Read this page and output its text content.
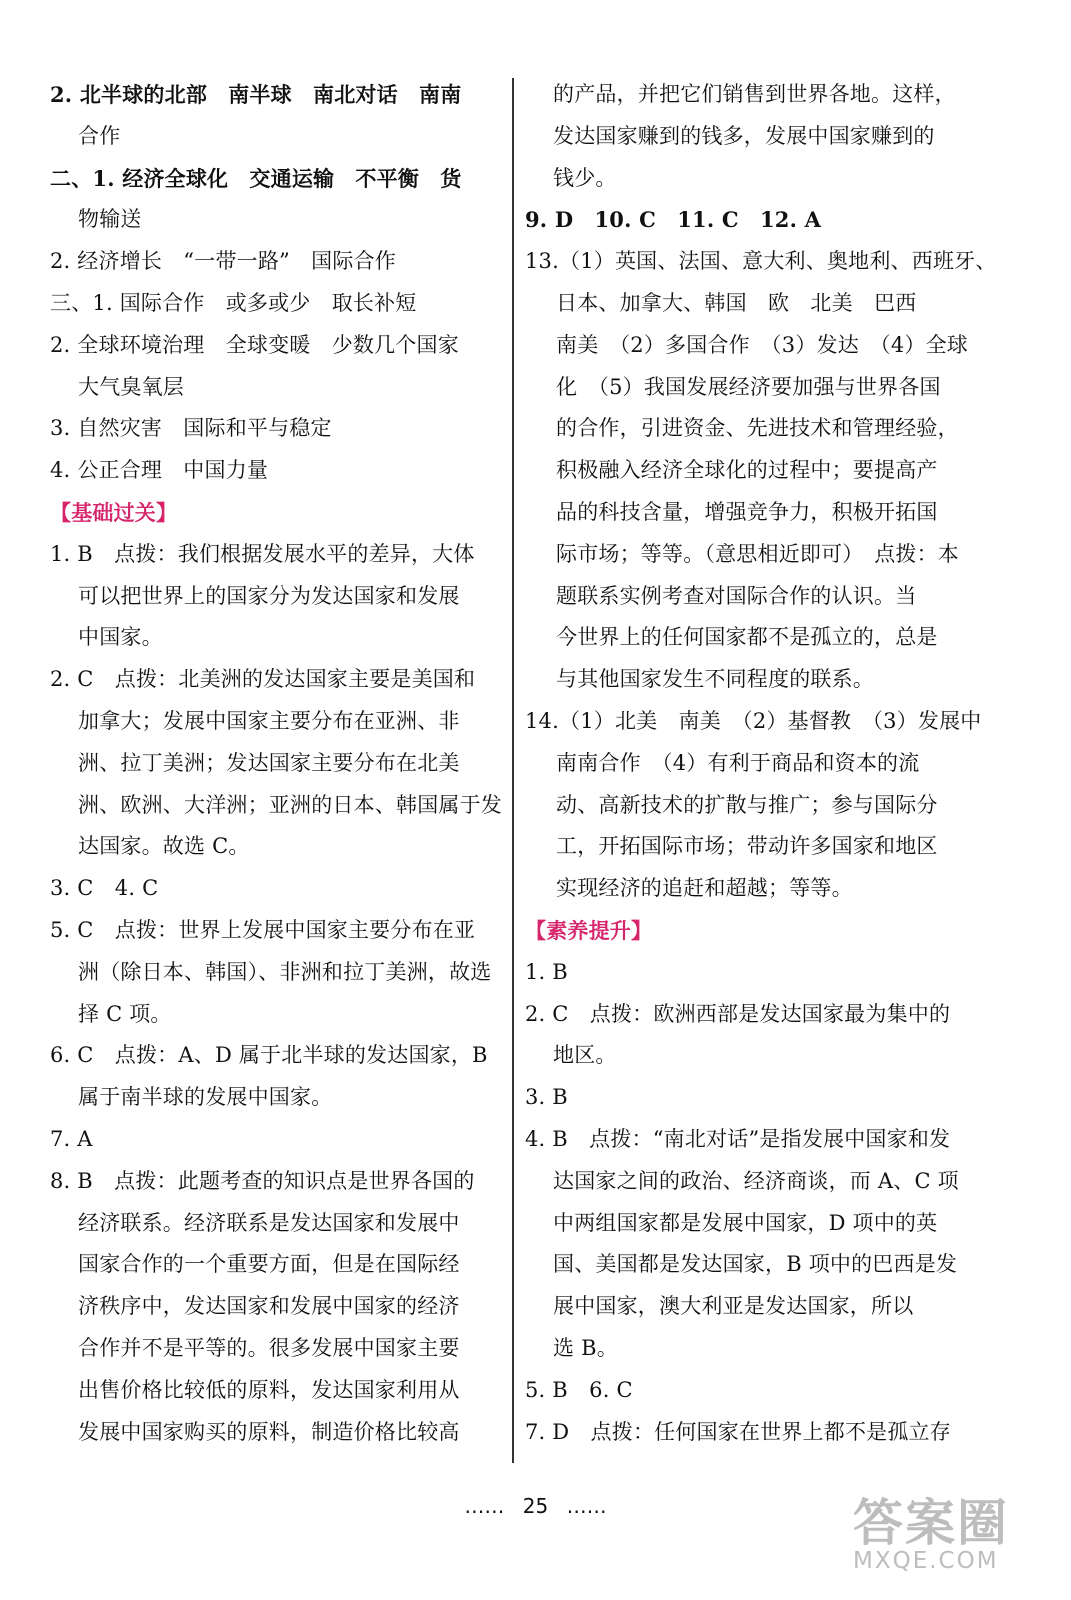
2. 北半球的北部　南半球　南北对话　南南
合作
二、1. 经济全球化　交通运输　不平衡　货
物输送
2. 经济增长　“一带一路”　国际合作
三、1. 国际合作　或多或少　取长补短
2. 全球环境治理　全球变暖　少数几个国家
大气臭氧层
3. 自然灾害　国际和平与稳定
4. 公正合理　中国力量
【基础过关】
1. B　点拨：我们根据发展水平的差异，大体
可以把世界上的国家分为发达国家和发展
中国家。
2. C　点拨：北美洲的发达国家主要是美国和
加拿大；发展中国家主要分布在亚洲、非
洲、拉丁美洲；发达国家主要分布在北美
洲、欧洲、大洋洲；亚洲的日本、韩国属于发
达国家。故选 C。
3. C　4. C
5. C　点拨：世界上发展中国家主要分布在亚
洲（除日本、韩国）、非洲和拉丁美洲，故选
择 C 项。
6. C　点拨：A、D 属于北半球的发达国家，B
属于南半球的发展中国家。
7. A
8. B　点拨：此题考查的知识点是世界各国的
经济联系。经济联系是发达国家和发展中
国家合作的一个重要方面，但是在国际经
济秩序中，发达国家和发展中国家的经济
合作并不是平等的。很多发展中国家主要
出售价格比较低的原料，发达国家利用从
发展中国家购买的原料，制造价格比较高
的产品，并把它们销售到世界各地。这样，
发达国家赚到的钱多，发展中国家赚到的
钱少。
9. D　10. C　11. C　12. A
13.（1）英国、法国、意大利、奥地利、西班牙、
日本、加拿大、韩国　欧　北美　巴西
南美　（2）多国合作　（3）发达　（4）全球
化　（5）我国发展经济要加强与世界各国
的合作，引进资金、先进技术和管理经验，
积极融入经济全球化的过程中；要提高产
品的科技含量，增强竞争力，积极开拓国
际市场；等等。（意思相近即可）　点拨：本
题联系实例考查对国际合作的认识。当
今世界上的任何国家都不是孤立的，总是
与其他国家发生不同程度的联系。
14.（1）北美　南美　（2）基督教　（3）发展中
南南合作　（4）有利于商品和资本的流
动、高新技术的扩散与推广；参与国际分
工，开拓国际市场；带动许多国家和地区
实现经济的追赶和超越；等等。
【素养提升】
1. B
2. C　点拨：欧洲西部是发达国家最为集中的
地区。
3. B
4. B　点拨：“南北对话”是指发展中国家和发
达国家之间的政治、经济商谈，而 A、C 项
中两组国家都是发展中国家，D 项中的英
国、美国都是发达国家，B 项中的巴西是发
展中国家，澳大利亚是发达国家，所以
选 B。
5. B　6. C
7. D　点拨：任何国家在世界上都不是孤立存
…… 25 ……	答案圈
MXQE.COM
